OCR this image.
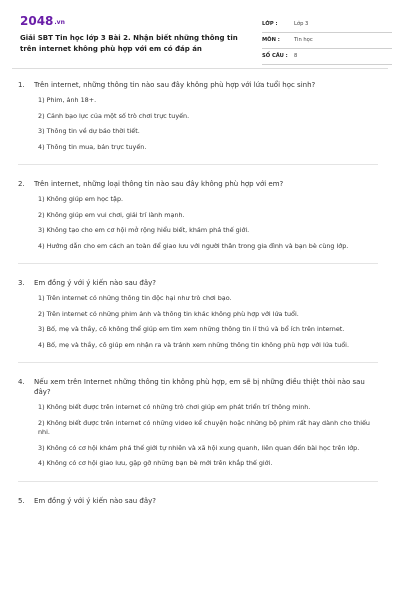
2048.vn
Giải SBT Tin học lớp 3 Bài 2. Nhận biết những thông tin trên internet không phù hợp với em có đáp án
LỚP :	Lớp 3
MÔN :	Tin học
SỐ CÂU : 8
1. Trên internet, những thông tin nào sau đây không phù hợp với lứa tuổi học sinh?
1) Phim, ảnh 18+.
2) Cảnh bạo lực của một số trò chơi trực tuyến.
3) Thông tin về dự báo thời tiết.
4) Thông tin mua, bán trực tuyến.
2. Trên internet, những loại thông tin nào sau đây không phù hợp với em?
1) Không giúp em học tập.
2) Không giúp em vui chơi, giải trí lành mạnh.
3) Không tạo cho em cơ hội mở rộng hiểu biết, khám phá thế giới.
4) Hướng dẫn cho em cách an toàn để giao lưu với người thân trong gia đình và bạn bè cùng lớp.
3. Em đồng ý với ý kiến nào sau đây?
1) Trên internet có những thông tin độc hại như trò chơi bạo.
2) Trên internet có những phim ảnh và thông tin khác không phù hợp với lứa tuổi.
3) Bố, mẹ và thầy, cô không thể giúp em tìm xem những thông tin lí thú và bổ ích trên internet.
4) Bố, mẹ và thầy, cô giúp em nhận ra và tránh xem những thông tin không phù hợp với lứa tuổi.
4. Nếu xem trên Internet những thông tin không phù hợp, em sẽ bị những điều thiệt thòi nào sau đây?
1) Không biết được trên internet có những trò chơi giúp em phát triển trí thông minh.
2) Không biết được trên internet có những video kể chuyện hoặc những bộ phim rất hay dành cho thiếu nhi.
3) Không có cơ hội khám phá thế giới tự nhiên và xã hội xung quanh, liên quan đến bài học trên lớp.
4) Không có cơ hội giao lưu, gặp gỡ những bạn bè mới trên khắp thế giới.
5. Em đồng ý với ý kiến nào sau đây?
